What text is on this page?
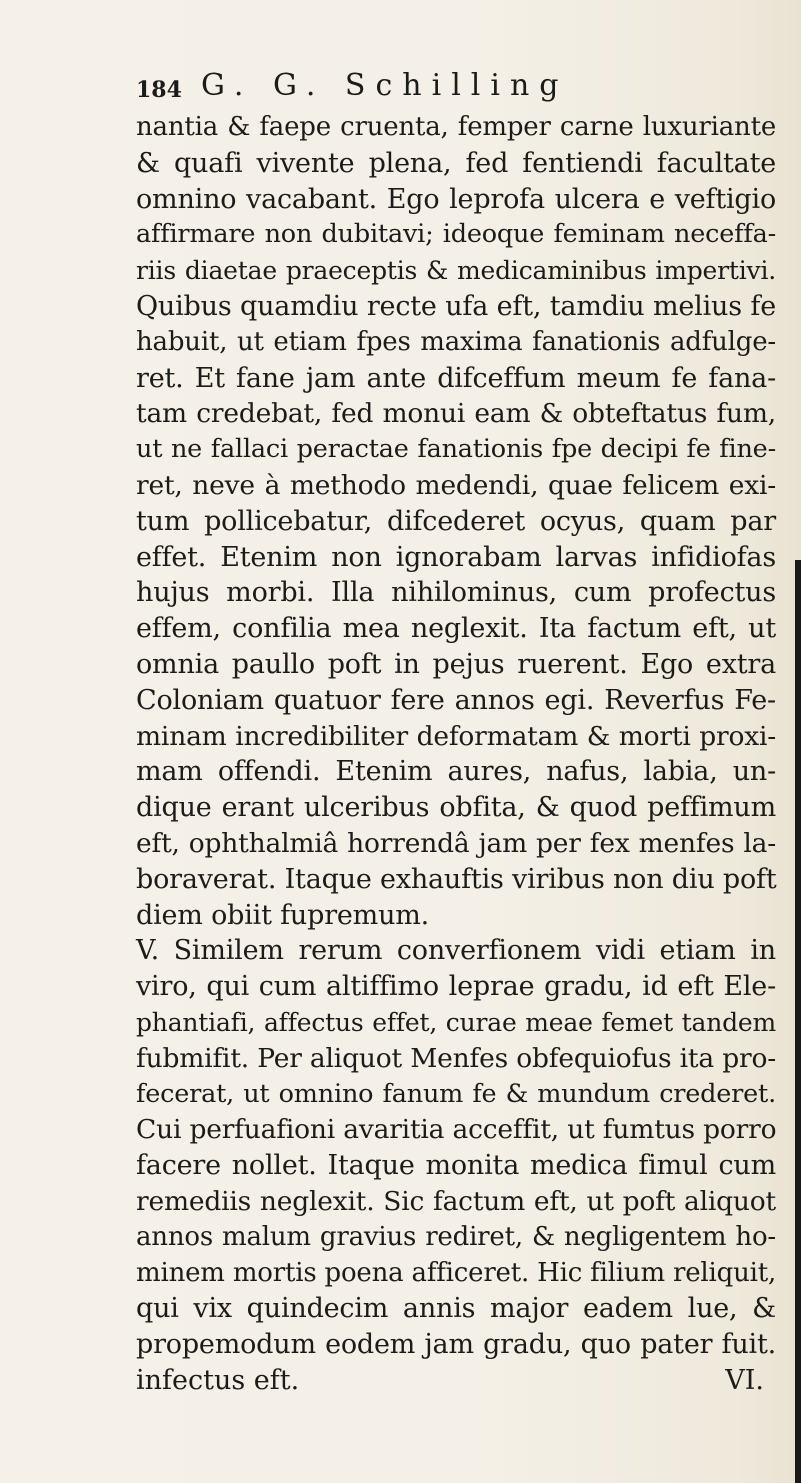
184 G. G. Schilling
nantia & faepe cruenta, femper carne luxuriante
& quafi vivente plena, fed fentiendi facultate
omnino vacabant. Ego leprofa ulcera e veftigio
affirmare non dubitavi; ideoque feminam neceffa-
riis diaetae praeceptis & medicaminibus impertivi.
Quibus quamdiu recte ufa eft, tamdiu melius fe
habuit, ut etiam fpes maxima fanationis adfulge-
ret. Et fane jam ante difceffum meum fe fana-
tam credebat, fed monui eam & obteftatus fum,
ut ne fallaci peractae fanationis fpe decipi fe fine-
ret, neve à methodo medendi, quae felicem exi-
tum pollicebatur, difcederet ocyus, quam par
effet. Etenim non ignorabam larvas infidiofas
hujus morbi. Illa nihilominus, cum profectus
effem, confilia mea neglexit. Ita factum eft, ut
omnia paullo poft in pejus ruerent. Ego extra
Coloniam quatuor fere annos egi. Reverfus Fe-
minam incredibiliter deformatam & morti proxi-
mam offendi. Etenim aures, nafus, labia, un-
dique erant ulceribus obfita, & quod peffimum
eft, ophthalmiâ horrendâ jam per fex menfes la-
boraverat. Itaque exhauftis viribus non diu poft
diem obiit fupremum.
V. Similem rerum converfionem vidi etiam in
viro, qui cum altiffimo leprae gradu, id eft Ele-
phantiafi, affectus effet, curae meae femet tandem
fubmifit. Per aliquot Menfes obfequiofus ita pro-
fecerat, ut omnino fanum fe & mundum crederet.
Cui perfuafioni avaritia acceffit, ut fumtus porro
facere nollet. Itaque monita medica fimul cum
remediis neglexit. Sic factum eft, ut poft aliquot
annos malum gravius rediret, & negligentem ho-
minem mortis poena afficeret. Hic filium reliquit,
qui vix quindecim annis major eadem lue, &
propemodum eodem jam gradu, quo pater fuit.
infectus eft.	VI.
